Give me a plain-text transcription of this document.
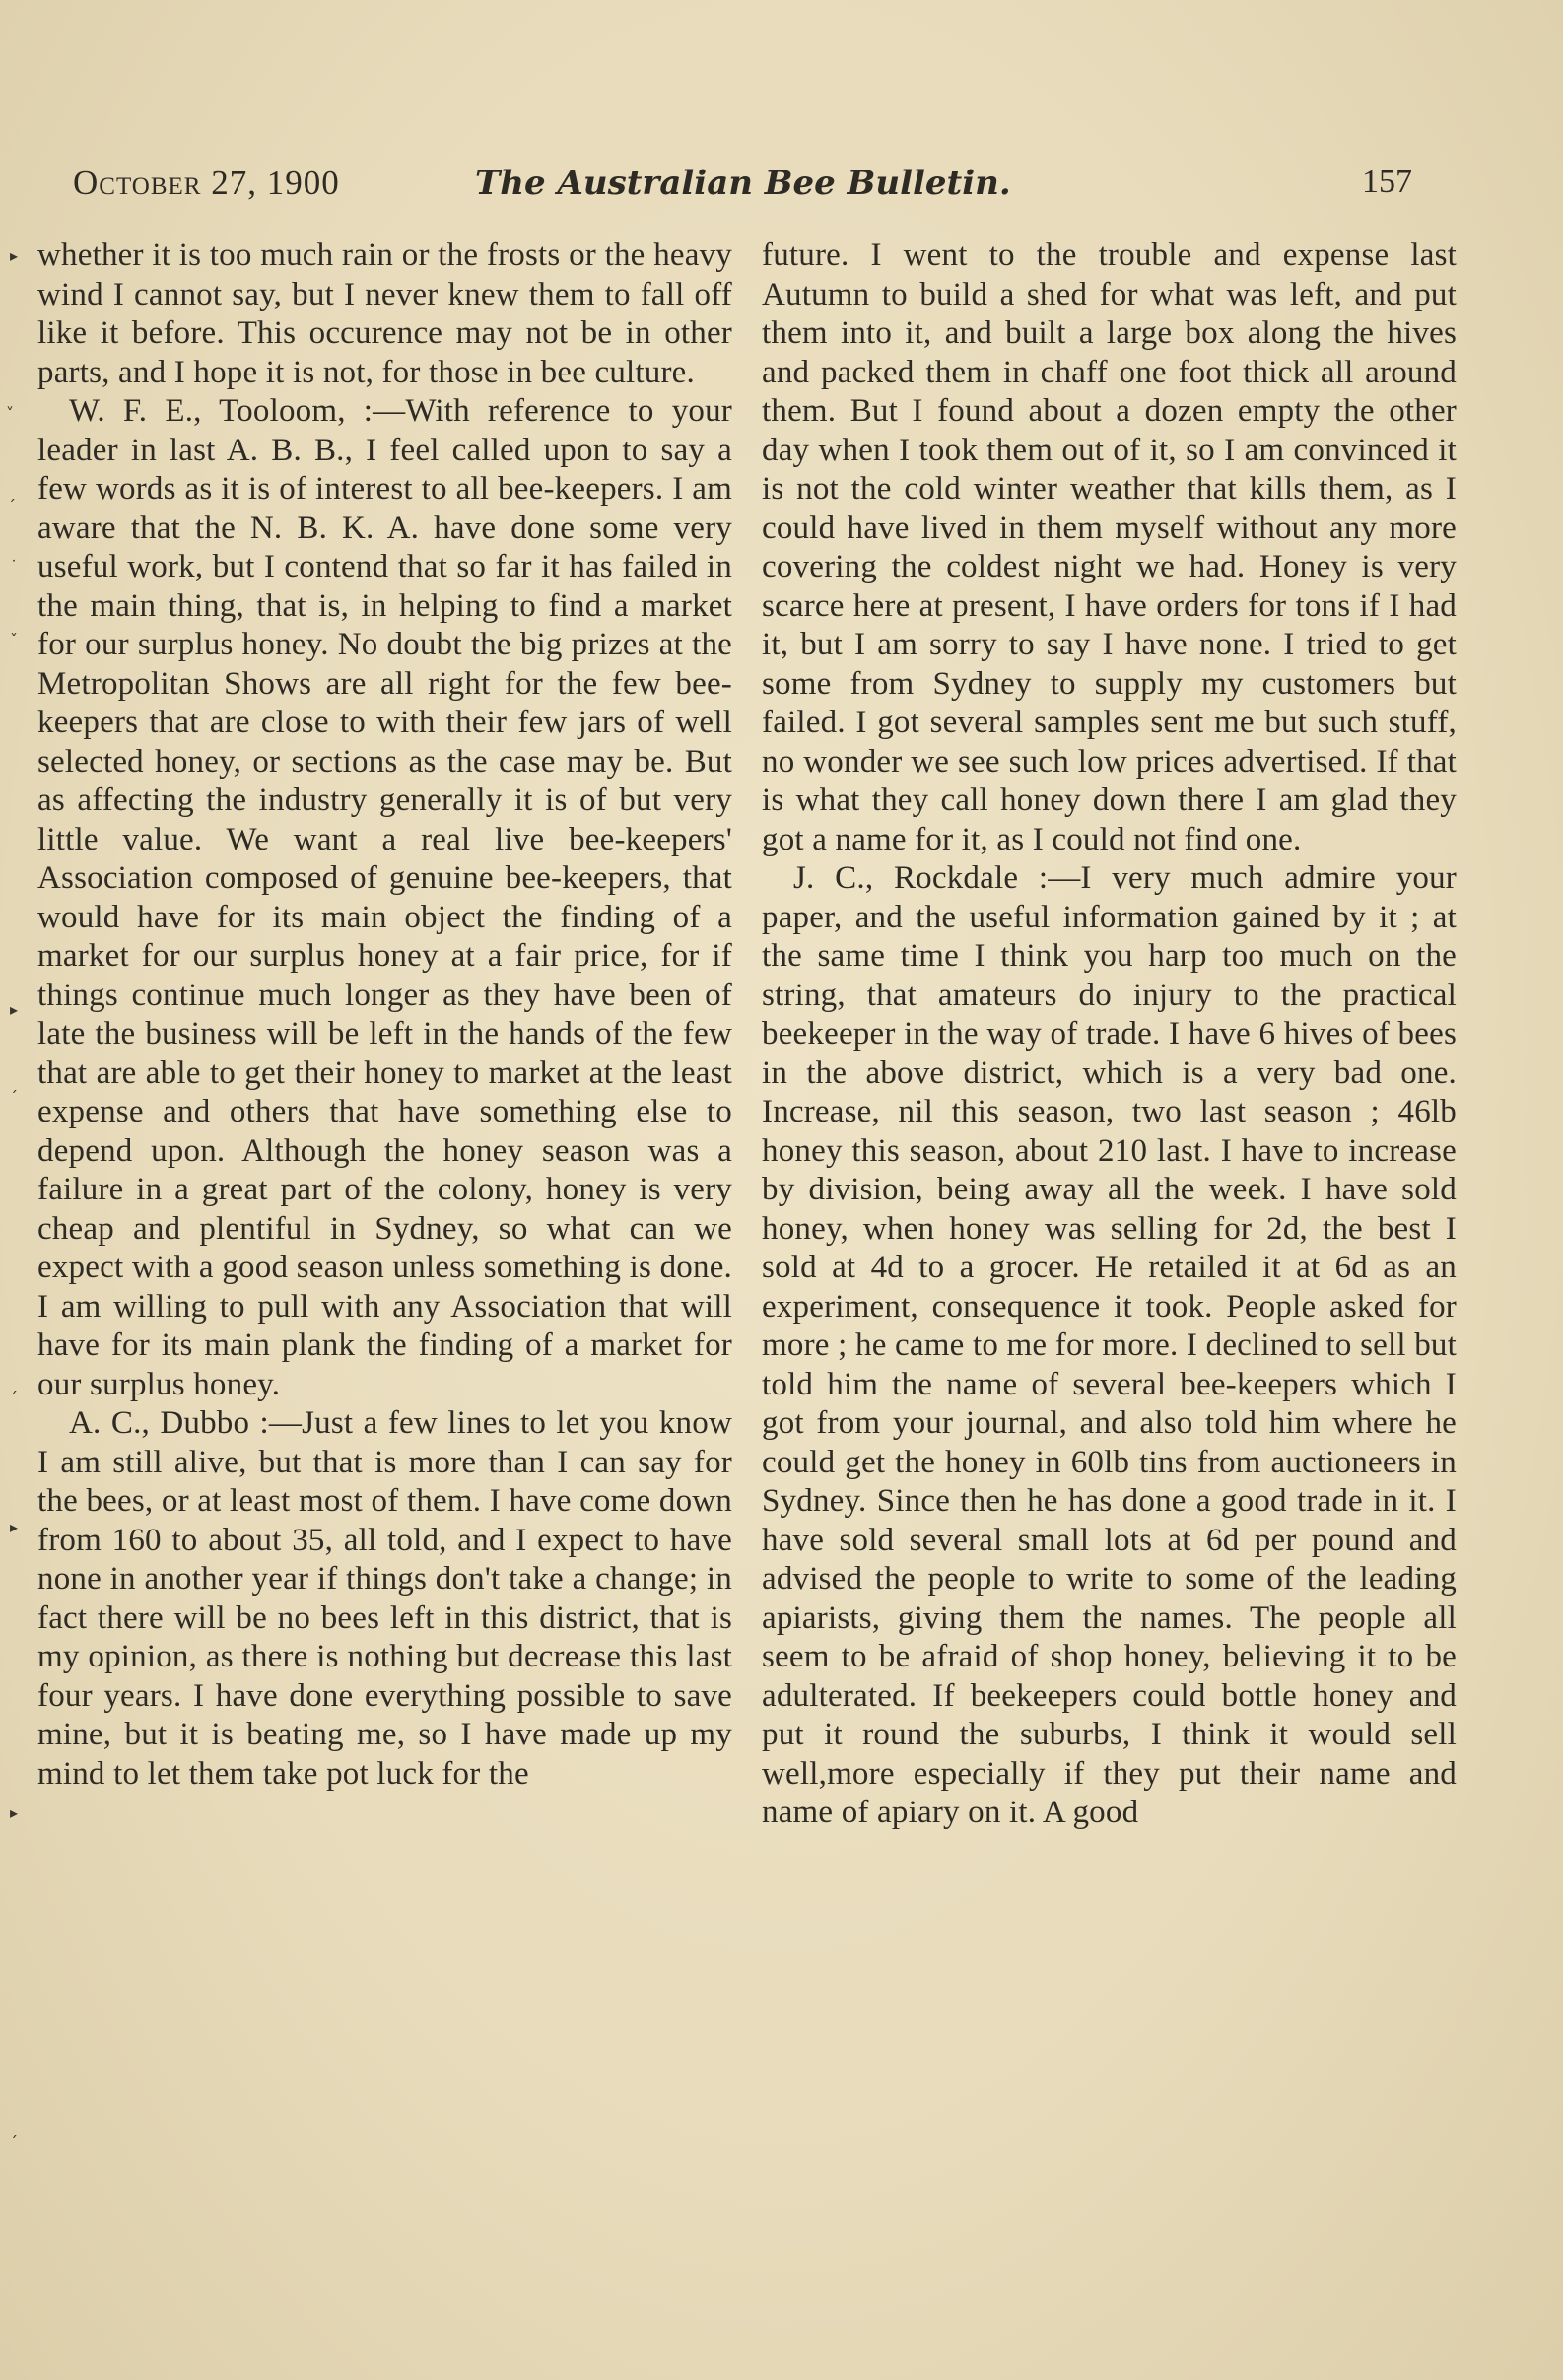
October 27, 1900	The Australian Bee Bulletin.	157

whether it is too much rain or the frosts or the heavy wind I cannot say, but I never knew them to fall off like it before. This occurence may not be in other parts, and I hope it is not, for those in bee culture.

W. F. E., Tooloom, :—With reference to your leader in last A. B. B., I feel called upon to say a few words as it is of interest to all bee-keepers. I am aware that the N. B. K. A. have done some very useful work, but I contend that so far it has failed in the main thing, that is, in helping to find a market for our surplus honey. No doubt the big prizes at the Metropolitan Shows are all right for the few bee-keepers that are close to with their few jars of well selected honey, or sections as the case may be. But as affecting the industry generally it is of but very little value. We want a real live bee-keepers' Association composed of genuine bee-keepers, that would have for its main object the finding of a market for our surplus honey at a fair price, for if things continue much longer as they have been of late the business will be left in the hands of the few that are able to get their honey to market at the least expense and others that have something else to depend upon. Although the honey season was a failure in a great part of the colony, honey is very cheap and plentiful in Sydney, so what can we expect with a good season unless something is done. I am willing to pull with any Association that will have for its main plank the finding of a market for our surplus honey.

A. C., Dubbo :—Just a few lines to let you know I am still alive, but that is more than I can say for the bees, or at least most of them. I have come down from 160 to about 35, all told, and I expect to have none in another year if things don't take a change; in fact there will be no bees left in this district, that is my opinion, as there is nothing but decrease this last four years. I have done everything possible to save mine, but it is beating me, so I have made up my mind to let them take pot luck for the

future. I went to the trouble and expense last Autumn to build a shed for what was left, and put them into it, and built a large box along the hives and packed them in chaff one foot thick all around them. But I found about a dozen empty the other day when I took them out of it, so I am convinced it is not the cold winter weather that kills them, as I could have lived in them myself without any more covering the coldest night we had. Honey is very scarce here at present, I have orders for tons if I had it, but I am sorry to say I have none. I tried to get some from Sydney to supply my customers but failed. I got several samples sent me but such stuff, no wonder we see such low prices advertised. If that is what they call honey down there I am glad they got a name for it, as I could not find one.

J. C., Rockdale :—I very much admire your paper, and the useful information gained by it ; at the same time I think you harp too much on the string, that amateurs do injury to the practical beekeeper in the way of trade. I have 6 hives of bees in the above district, which is a very bad one. Increase, nil this season, two last season ; 46lb honey this season, about 210 last. I have to increase by division, being away all the week. I have sold honey, when honey was selling for 2d, the best I sold at 4d to a grocer. He retailed it at 6d as an experiment, consequence it took. People asked for more ; he came to me for more. I declined to sell but told him the name of several bee-keepers which I got from your journal, and also told him where he could get the honey in 60lb tins from auctioneers in Sydney. Since then he has done a good trade in it. I have sold several small lots at 6d per pound and advised the people to write to some of the leading apiarists, giving them the names. The people all seem to be afraid of shop honey, believing it to be adulterated. If beekeepers could bottle honey and put it round the suburbs, I think it would sell well,more especially if they put their name and name of apiary on it. A good

▸
˅
ˏ
˙
ˇ
▸
ˏ
ˏ
▸
▸
ˏ
